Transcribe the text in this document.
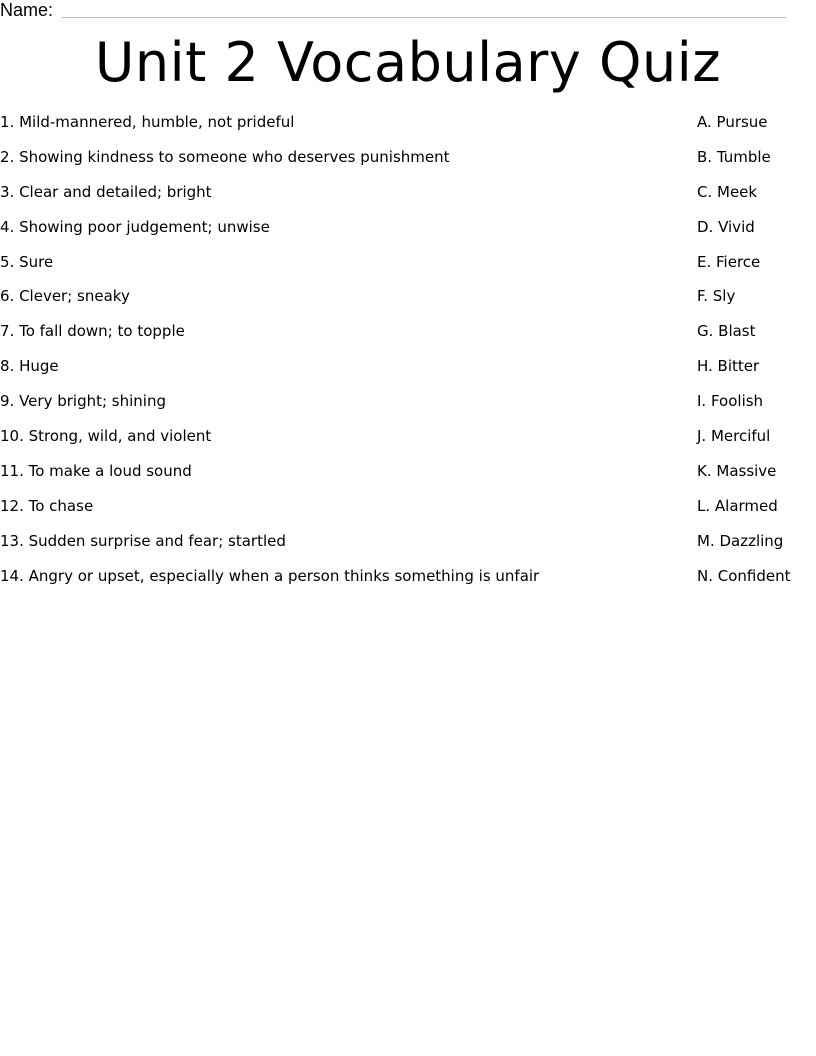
Name:
Unit 2 Vocabulary Quiz
1. Mild-mannered, humble, not prideful	A. Pursue
2. Showing kindness to someone who deserves punishment	B. Tumble
3. Clear and detailed; bright	C. Meek
4. Showing poor judgement; unwise	D. Vivid
5. Sure	E. Fierce
6. Clever; sneaky	F. Sly
7. To fall down; to topple	G. Blast
8. Huge	H. Bitter
9. Very bright; shining	I. Foolish
10. Strong, wild, and violent	J. Merciful
11. To make a loud sound	K. Massive
12. To chase	L. Alarmed
13. Sudden surprise and fear; startled	M. Dazzling
14. Angry or upset, especially when a person thinks something is unfair	N. Confident
